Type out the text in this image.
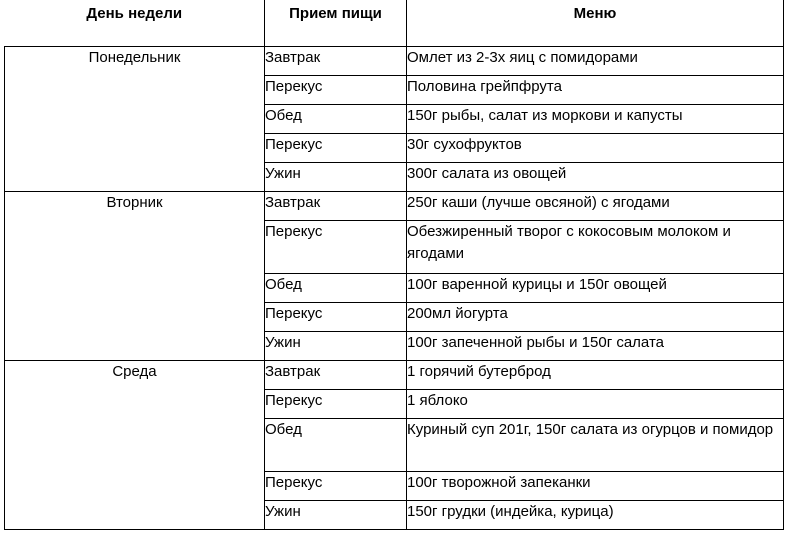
День недели	Прием пищи	Меню
Понедельник	Завтрак	Омлет из 2-3х яиц с помидорами
	Перекус	Половина грейпфрута
	Обед	150г рыбы, салат из моркови и капусты
	Перекус	30г сухофруктов
	Ужин	300г салата из овощей
Вторник	Завтрак	250г каши (лучше овсяной) с ягодами
	Перекус	Обезжиренный творог с кокосовым молоком и ягодами
	Обед	100г варенной курицы и 150г овощей
	Перекус	200мл йогурта
	Ужин	100г запеченной рыбы и 150г салата
Среда	Завтрак	1 горячий бутерброд
	Перекус	1 яблоко
	Обед	Куриный суп 201г, 150г салата из огурцов и помидор
	Перекус	100г творожной запеканки
	Ужин	150г грудки (индейка, курица)
